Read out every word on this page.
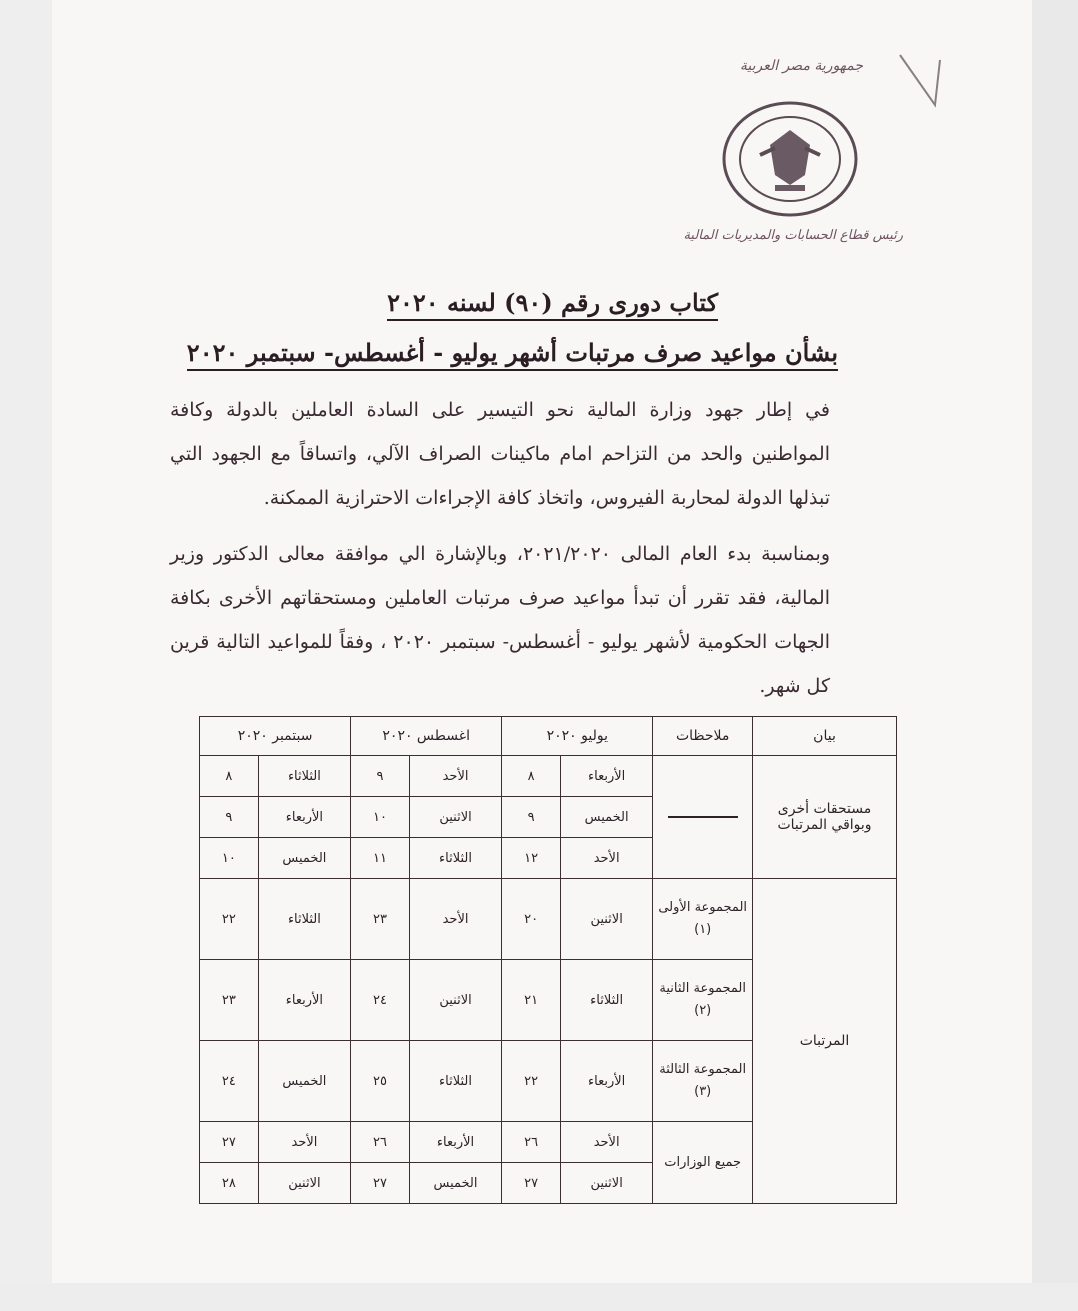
جمهورية مصر العربية
رئيس قطاع الحسابات والمديريات المالية
كتاب دورى رقم (٩٠) لسنه ٢٠٢٠
بشأن مواعيد صرف مرتبات أشهر يوليو - أغسطس- سبتمبر ٢٠٢٠
في إطار جهود وزارة المالية نحو التيسير على السادة العاملين بالدولة وكافة المواطنين والحد من التزاحم امام ماكينات الصراف الآلي، واتساقاً مع الجهود التي تبذلها الدولة لمحاربة الفيروس، واتخاذ كافة الإجراءات الاحترازية الممكنة.
وبمناسبة بدء العام المالى ٢٠٢١/٢٠٢٠، وبالإشارة الي موافقة معالى الدكتور وزير المالية، فقد تقرر أن تبدأ مواعيد صرف مرتبات العاملين ومستحقاتهم الأخرى بكافة الجهات الحكومية لأشهر يوليو - أغسطس- سبتمبر ٢٠٢٠ ، وفقاً للمواعيد التالية قرين كل شهر.
بيان	ملاحظات	يوليو ٢٠٢٠		اغسطس ٢٠٢٠		سبتمبر ٢٠٢٠	
مستحقات أخرى وبواقي المرتبات		الأربعاء	٨	الأحد	٩	الثلاثاء	٨
		الخميس	٩	الاثنين	١٠	الأربعاء	٩
		الأحد	١٢	الثلاثاء	١١	الخميس	١٠
المرتبات	المجموعة الأولى (١)	الاثنين	٢٠	الأحد	٢٣	الثلاثاء	٢٢
	المجموعة الثانية (٢)	الثلاثاء	٢١	الاثنين	٢٤	الأربعاء	٢٣
	المجموعة الثالثة (٣)	الأربعاء	٢٢	الثلاثاء	٢٥	الخميس	٢٤
	جميع الوزارات	الأحد	٢٦	الأربعاء	٢٦	الأحد	٢٧
		الاثنين	٢٧	الخميس	٢٧	الاثنين	٢٨
